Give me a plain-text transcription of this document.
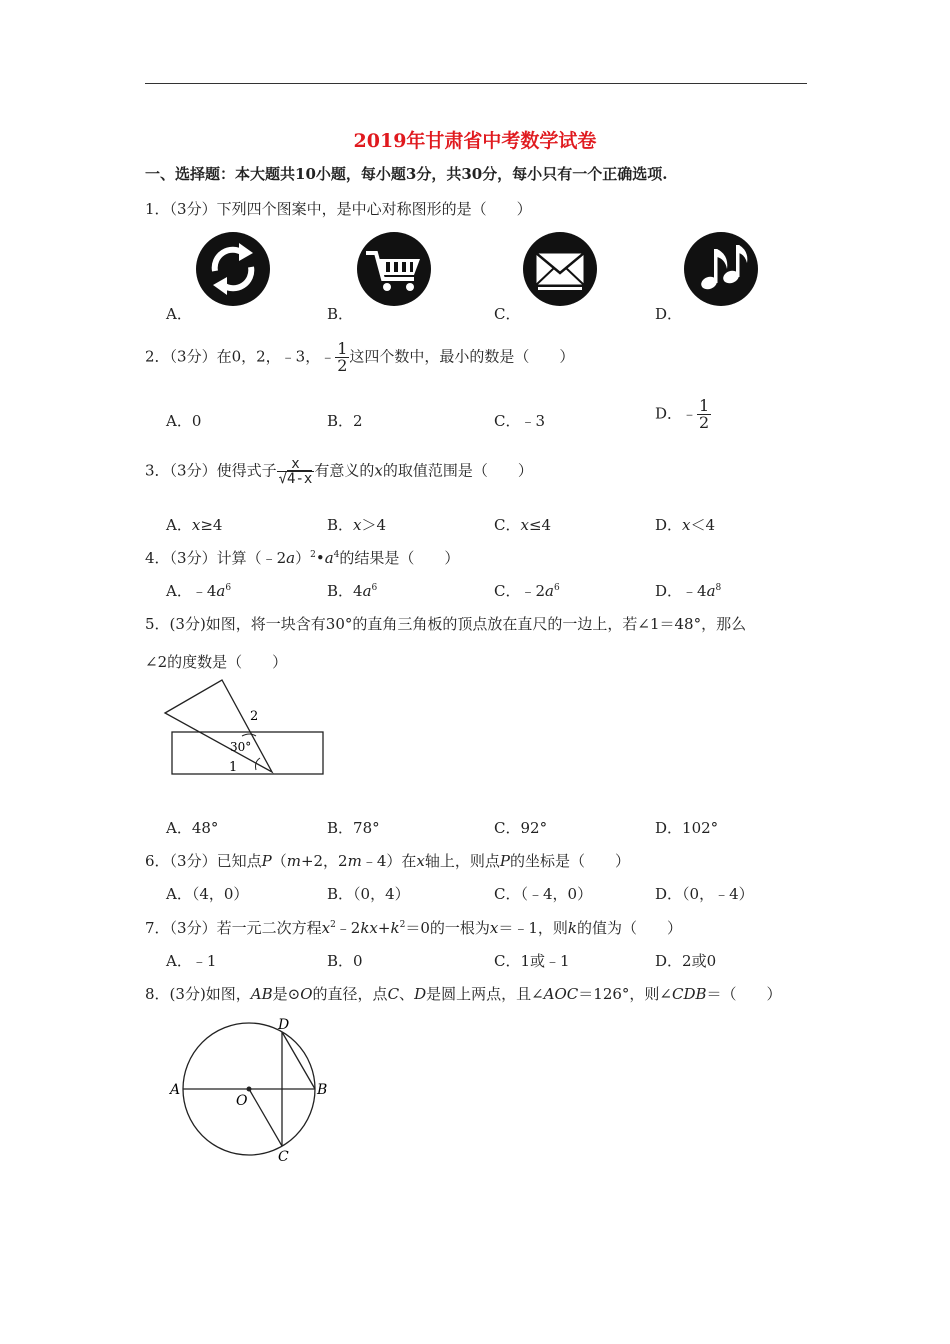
2019年甘肃省中考数学试卷
一、选择题：本大题共10小题，每小题3分，共30分，每小只有一个正确选项.
1．（3分）下列四个图案中，是中心对称图形的是（　　）
A．	B．	C．	D．
2．（3分）在0，2，﹣3，﹣ $\frac{1}{2}$ 这四个数中，最小的数是（　　）
A．0	B．2	C．﹣3	D．﹣ $\frac{1}{2}$
3．（3分）使得式子 $\frac{x}{√4-x}$ 有意义的x的取值范围是（　　）
A．x≥4	B．x＞4	C．x≤4	D．x＜4
4．（3分）计算$(﹣2a)^2•a^4$的结果是（　　）
A．$﹣4a^6$	B．$4a^6$	C．$﹣2a^6$	D．$﹣4a^8$
5．(3分)如图，将一块含有30°的直角三角板的顶点放在直尺的一边上，若∠1＝48°，那么
∠2的度数是（　　）
2
30°
1
A．48°	B．78°	C．92°	D．102°
6．（3分）已知点P（m+2，2m﹣4）在x轴上，则点P的坐标是（　　）
A．（4，0）	B．（0，4）	C．（﹣4，0）	D．（0，﹣4）
7．（3分）若一元二次方程$x^2﹣2kx+k^2=0$的一根为x＝﹣1，则k的值为（　　）
A．﹣1	B．0	C．1或﹣1	D．2或0
8．(3分)如图，AB是⊙O的直径，点C、D是圆上两点，且∠AOC＝126°，则∠CDB＝（　　）
A	B
D
C
O
